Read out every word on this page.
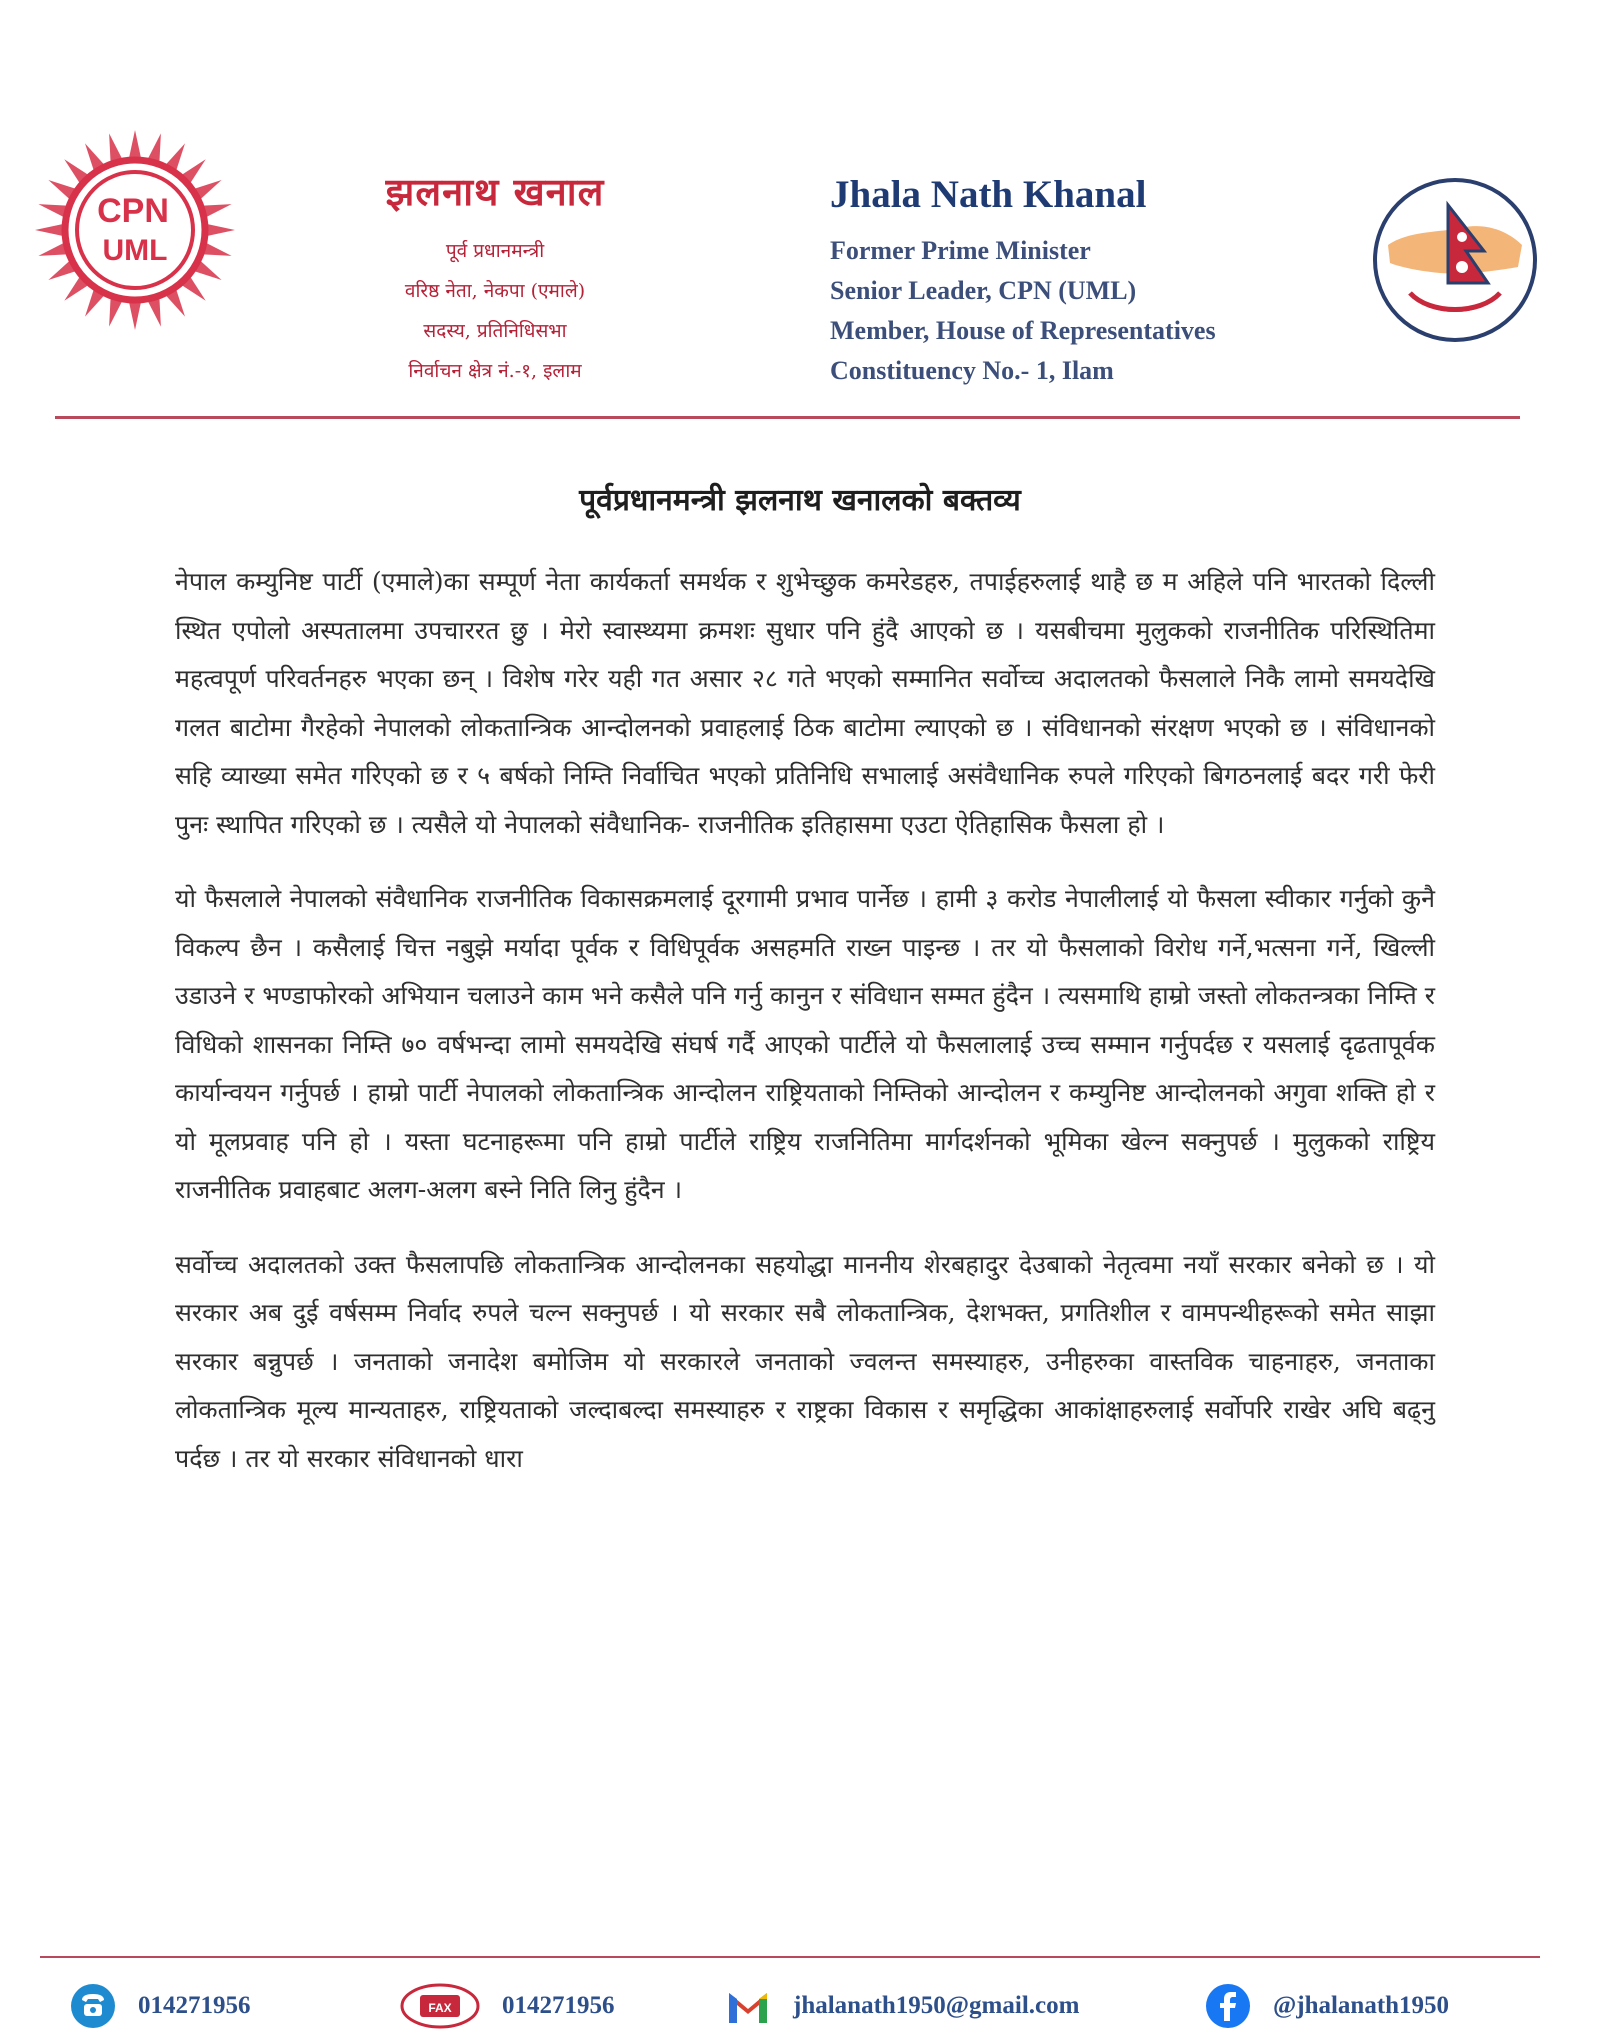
CPN
UML
झलनाथ खनाल
पूर्व प्रधानमन्त्री
वरिष्ठ नेता, नेकपा (एमाले)
सदस्य, प्रतिनिधिसभा
निर्वाचन क्षेत्र नं.-१, इलाम
Jhala Nath Khanal
Former Prime Minister
Senior Leader, CPN (UML)
Member, House of Representatives
Constituency No.- 1, Ilam
पूर्वप्रधानमन्त्री झलनाथ खनालको बक्तव्य

नेपाल कम्युनिष्ट पार्टी (एमाले)का सम्पूर्ण नेता कार्यकर्ता समर्थक र शुभेच्छुक कमरेडहरु, तपाईहरुलाई थाहै छ म अहिले पनि भारतको दिल्ली स्थित एपोलो अस्पतालमा उपचाररत छु । मेरो स्वास्थ्यमा क्रमशः सुधार पनि हुंदै आएको छ । यसबीचमा मुलुकको राजनीतिक परिस्थितिमा महत्वपूर्ण परिवर्तनहरु भएका छन् । विशेष गरेर यही गत असार २८ गते भएको सम्मानित सर्वोच्च अदालतको फैसलाले निकै लामो समयदेखि गलत बाटोमा गैरहेको नेपालको लोकतान्त्रिक आन्दोलनको प्रवाहलाई ठिक बाटोमा ल्याएको छ । संविधानको संरक्षण भएको छ । संविधानको सहि व्याख्या समेत गरिएको छ र ५ बर्षको निम्ति निर्वाचित भएको प्रतिनिधि सभालाई असंवैधानिक रुपले गरिएको बिगठनलाई बदर गरी फेरी पुनः स्थापित गरिएको छ । त्यसैले यो नेपालको संवैधानिक- राजनीतिक इतिहासमा एउटा ऐतिहासिक फैसला हो ।

यो फैसलाले नेपालको संवैधानिक राजनीतिक विकासक्रमलाई दूरगामी प्रभाव पार्नेछ । हामी ३ करोड नेपालीलाई यो फैसला स्वीकार गर्नुको कुनै विकल्प छैन । कसैलाई चित्त नबुझे मर्यादा पूर्वक र विधिपूर्वक असहमति राख्न पाइन्छ । तर यो फैसलाको विरोध गर्ने,भत्सना गर्ने, खिल्ली उडाउने र भण्डाफोरको अभियान चलाउने काम भने कसैले पनि गर्नु कानुन र संविधान सम्मत हुंदैन । त्यसमाथि हाम्रो जस्तो लोकतन्त्रका निम्ति र विधिको शासनका निम्ति ७० वर्षभन्दा लामो समयदेखि संघर्ष गर्दै आएको पार्टीले यो फैसलालाई उच्च सम्मान गर्नुपर्दछ र यसलाई दृढतापूर्वक कार्यान्वयन गर्नुपर्छ । हाम्रो पार्टी नेपालको लोकतान्त्रिक आन्दोलन राष्ट्रियताको निम्तिको आन्दोलन र कम्युनिष्ट आन्दोलनको अगुवा शक्ति हो र यो मूलप्रवाह पनि हो । यस्ता घटनाहरूमा पनि हाम्रो पार्टीले राष्ट्रिय राजनितिमा मार्गदर्शनको भूमिका खेल्न सक्नुपर्छ । मुलुकको राष्ट्रिय राजनीतिक प्रवाहबाट अलग-अलग बस्ने निति लिनु हुंदैन ।

सर्वोच्च अदालतको उक्त फैसलापछि लोकतान्त्रिक आन्दोलनका सहयोद्धा माननीय शेरबहादुर देउबाको नेतृत्वमा नयाँ सरकार बनेको छ । यो सरकार अब दुई वर्षसम्म निर्वाद रुपले चल्न सक्नुपर्छ । यो सरकार सबै लोकतान्त्रिक, देशभक्त, प्रगतिशील र वामपन्थीहरूको समेत साझा सरकार बन्नुपर्छ । जनताको जनादेश बमोजिम यो सरकारले जनताको ज्वलन्त समस्याहरु, उनीहरुका वास्तविक चाहनाहरु, जनताका लोकतान्त्रिक मूल्य मान्यताहरु, राष्ट्रियताको जल्दाबल्दा समस्याहरु र राष्ट्रका विकास र समृद्धिका आकांक्षाहरुलाई सर्वोपरि राखेर अघि बढ्नु पर्दछ । तर यो सरकार संविधानको धारा

014271956	FAX 014271956	jhalanath1950@gmail.com	@jhalanath1950
